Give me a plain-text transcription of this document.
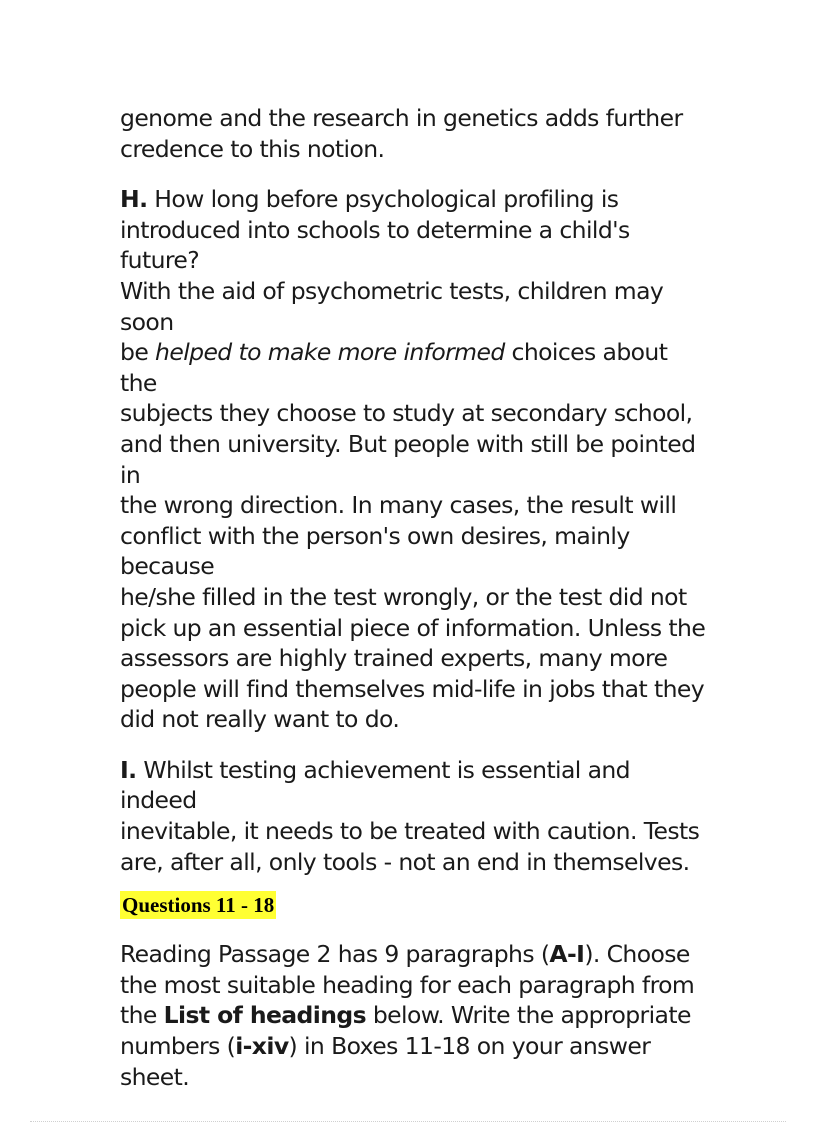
genome and the research in genetics adds further
credence to this notion.

H. How long before psychological profiling is
introduced into schools to determine a child's future?
With the aid of psychometric tests, children may soon
be helped to make more informed choices about the
subjects they choose to study at secondary school,
and then university. But people with still be pointed in
the wrong direction. In many cases, the result will
conflict with the person's own desires, mainly because
he/she filled in the test wrongly, or the test did not
pick up an essential piece of information. Unless the
assessors are highly trained experts, many more
people will find themselves mid-life in jobs that they
did not really want to do.

I. Whilst testing achievement is essential and indeed
inevitable, it needs to be treated with caution. Tests
are, after all, only tools - not an end in themselves.

Questions 11 - 18

Reading Passage 2 has 9 paragraphs (A-I). Choose
the most suitable heading for each paragraph from
the List of headings below. Write the appropriate
numbers (i-xiv) in Boxes 11-18 on your answer
sheet.
